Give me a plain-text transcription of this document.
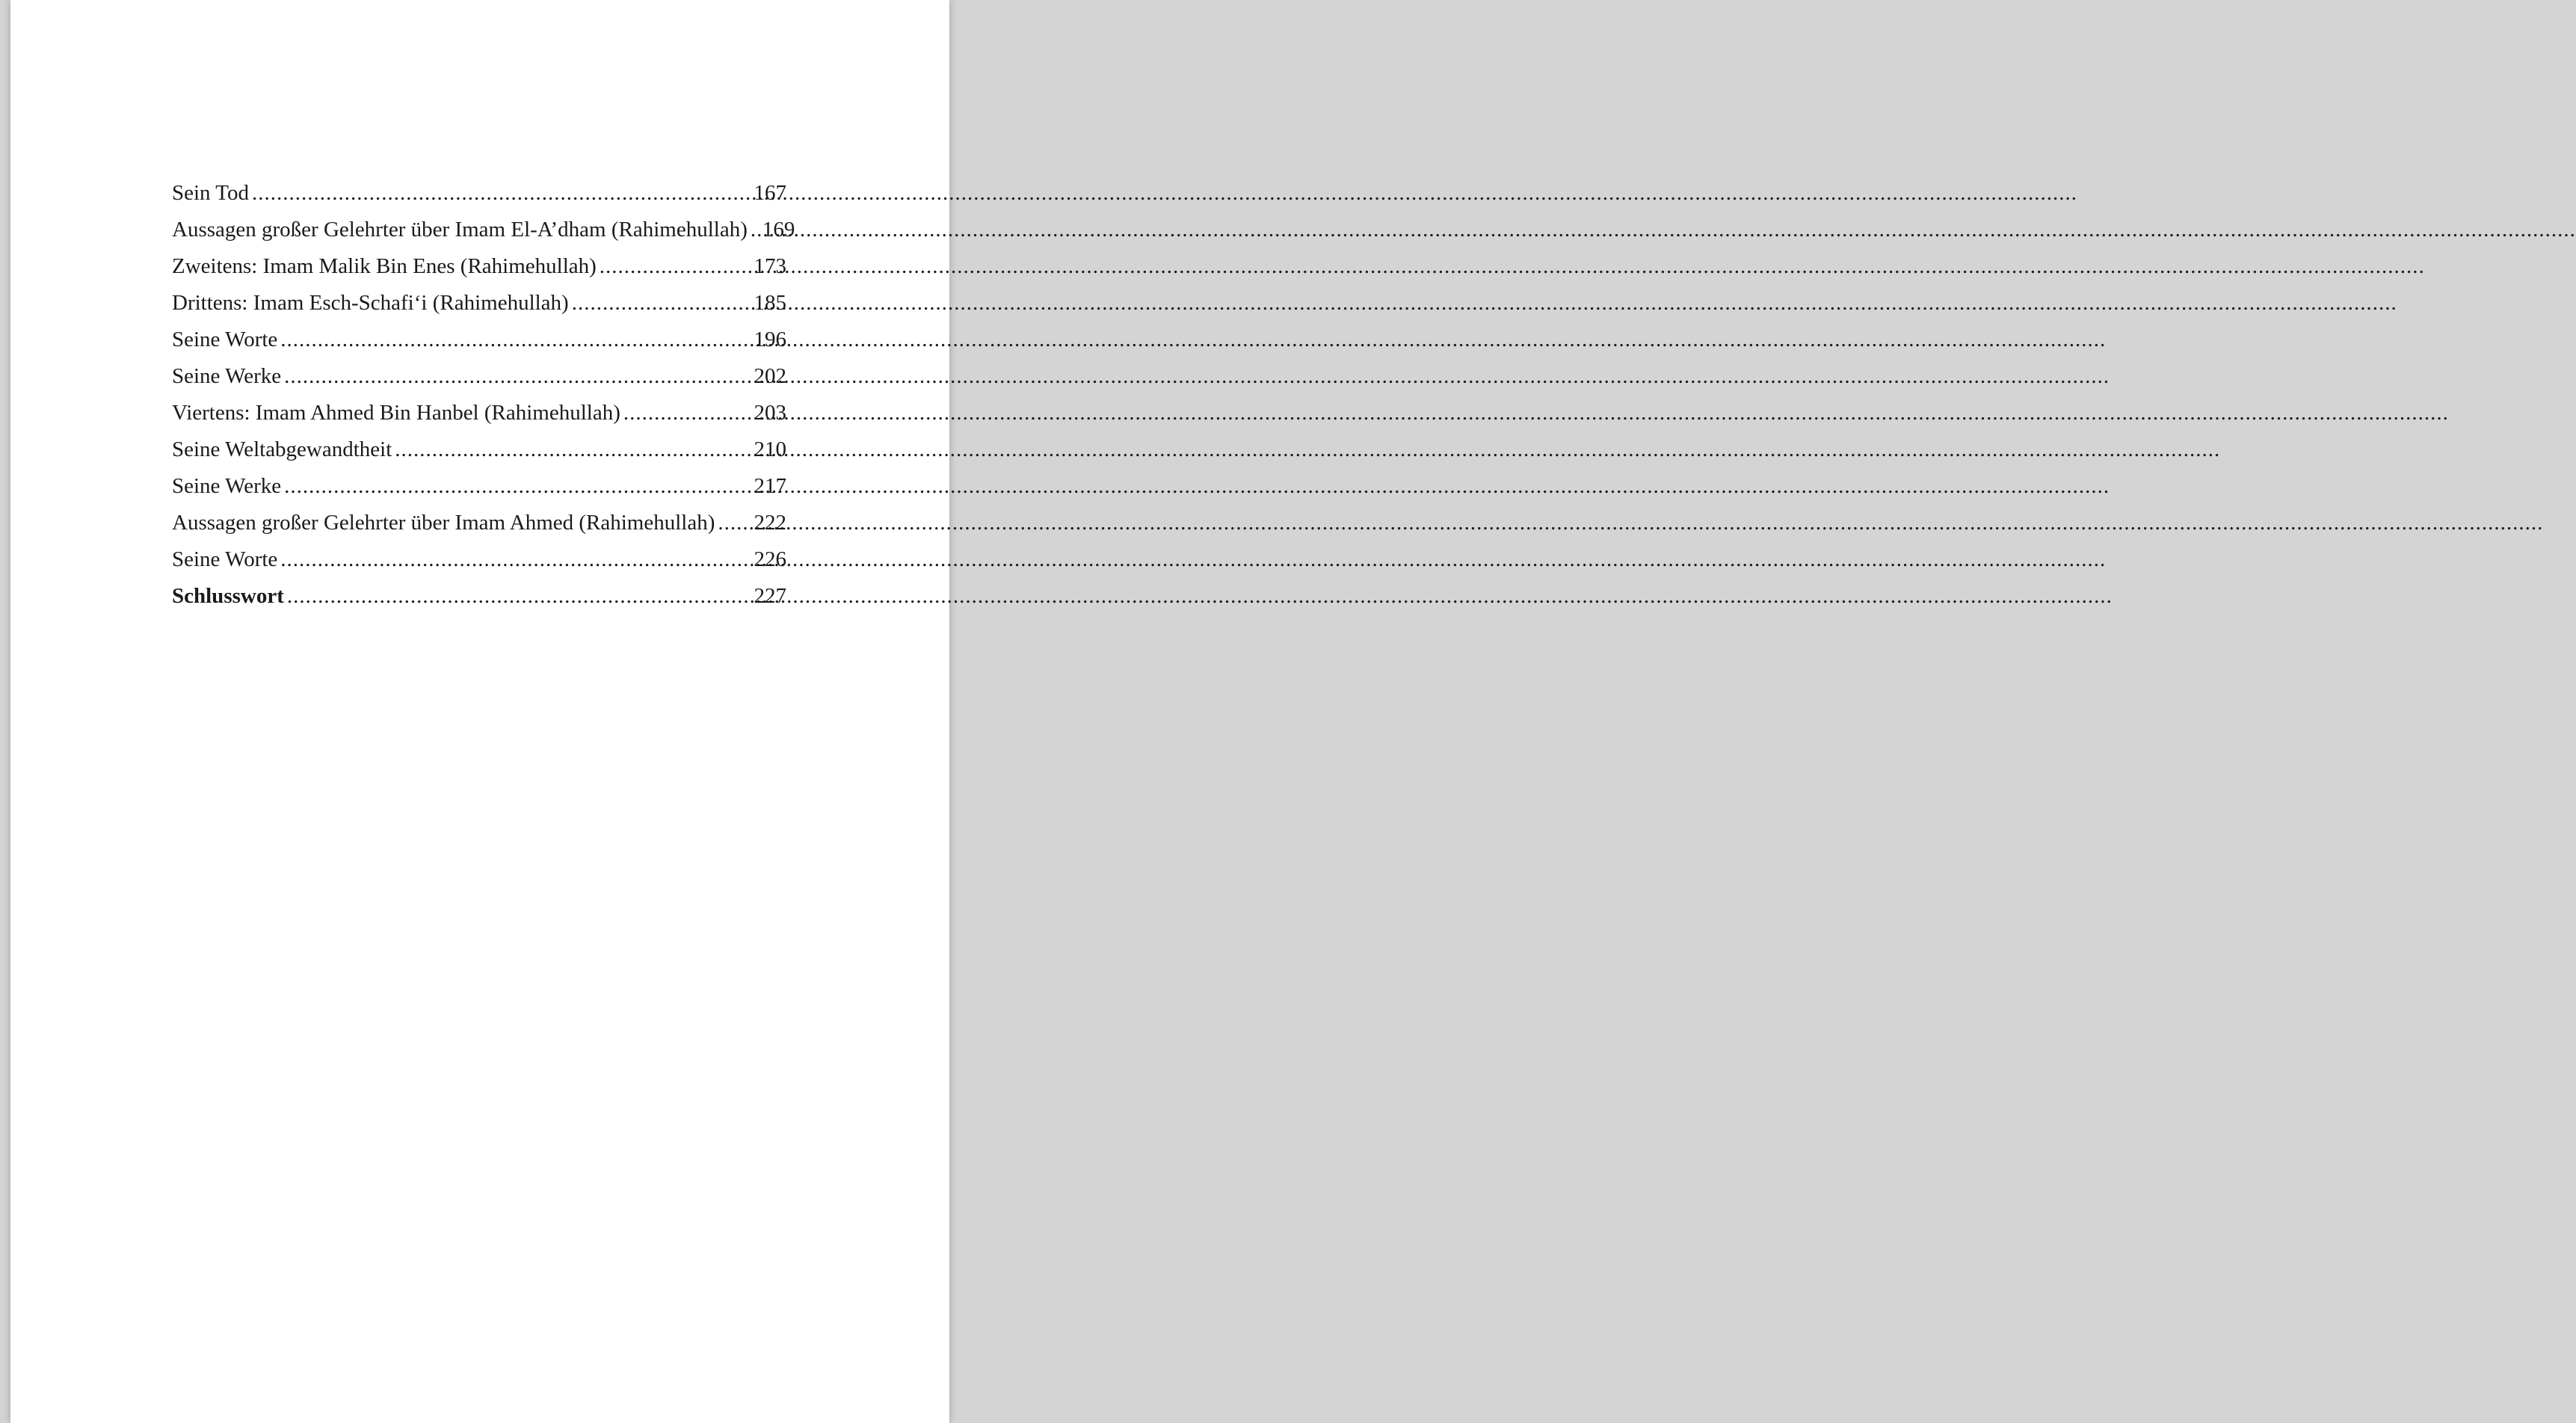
Sein Tod .....	167
Aussagen großer Gelehrter über Imam El-A’dham (Rahimehullah) ..... 169
Zweitens: Imam Malik Bin Enes (Rahimehullah) .....	173
Drittens: Imam Esch-Schafi‘i (Rahimehullah) .....	185
Seine Worte .....	196
Seine Werke .....	202
Viertens: Imam Ahmed Bin Hanbel (Rahimehullah) .....	203
Seine Weltabgewandtheit .....	210
Seine Werke .....	217
Aussagen großer Gelehrter über Imam Ahmed (Rahimehullah) ..... 222
Seine Worte .....	226
Schlusswort .....	227
